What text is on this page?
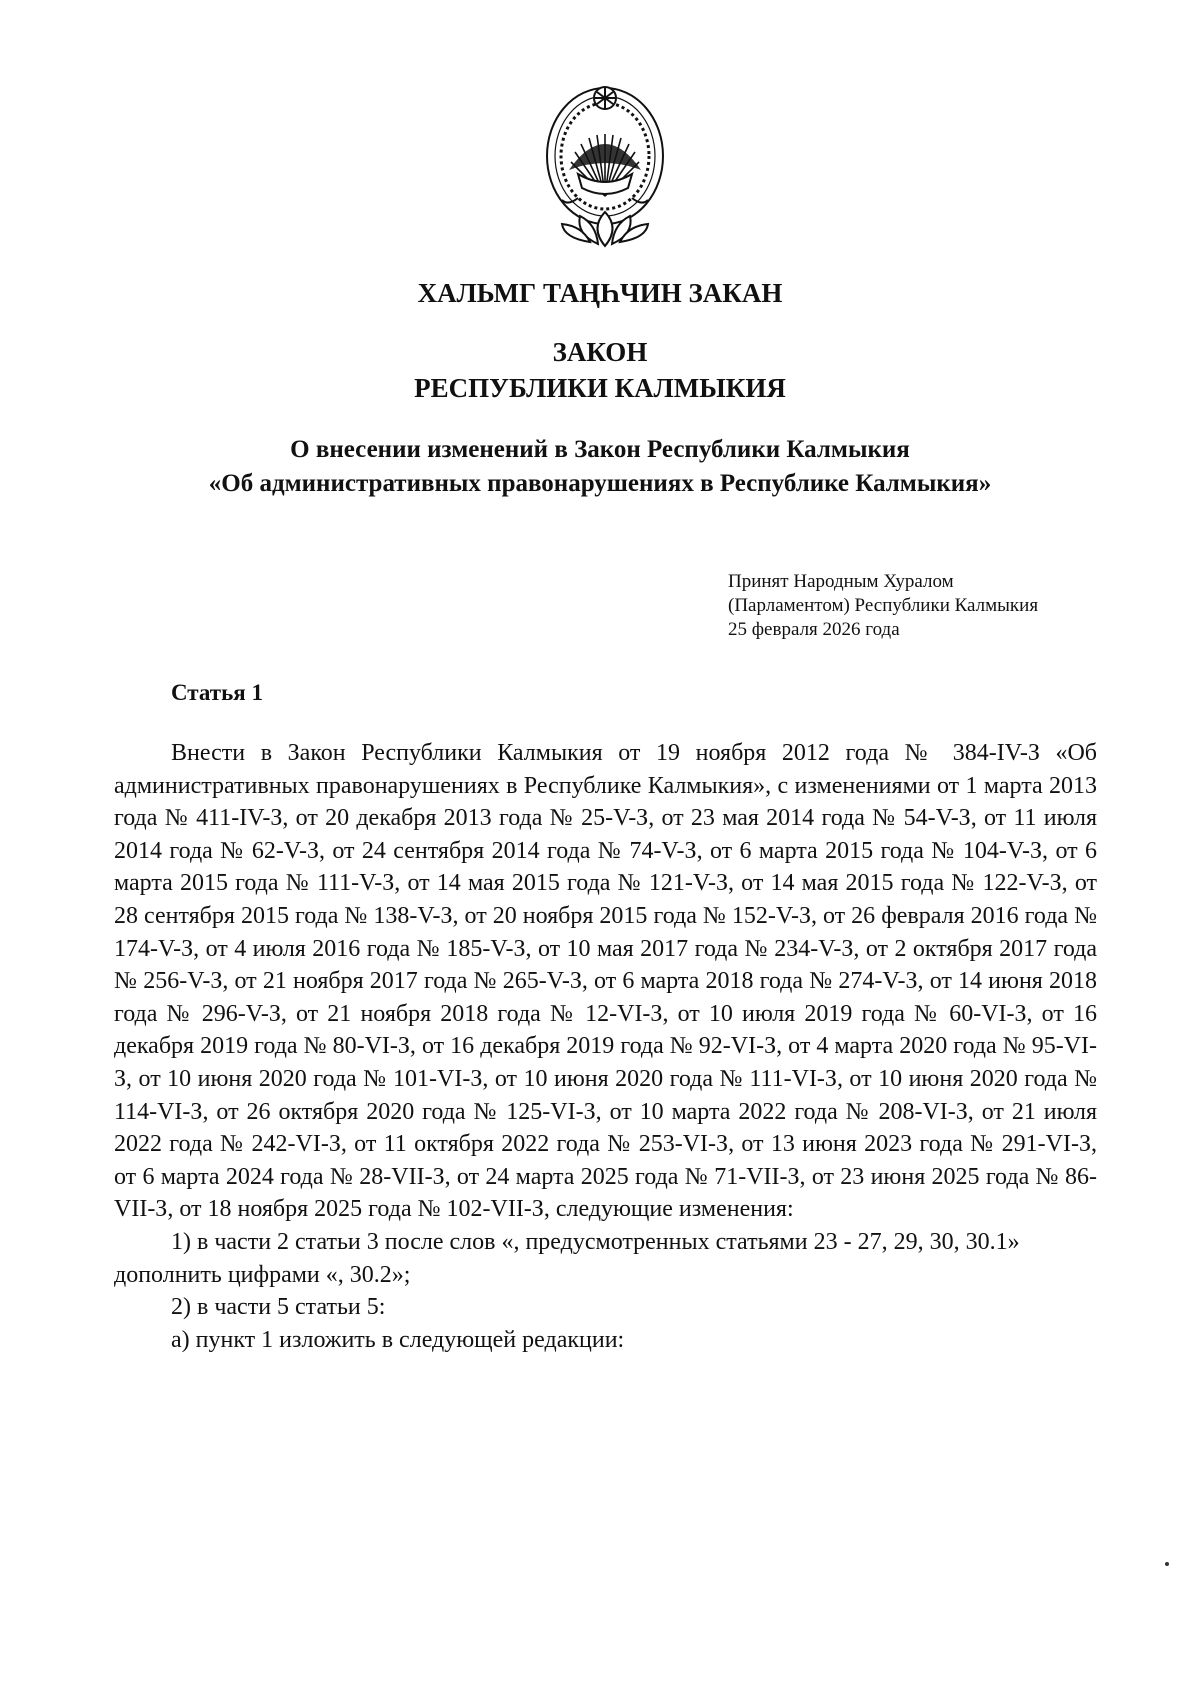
ХАЛЬМГ ТАҢҺЧИН ЗАКАН
ЗАКОН
РЕСПУБЛИКИ КАЛМЫКИЯ
О внесении изменений в Закон Республики Калмыкия
«Об административных правонарушениях в Республике Калмыкия»
Принят Народным Хуралом
(Парламентом) Республики Калмыкия
25 февраля 2026 года
Статья 1

Внести в Закон Республики Калмыкия от 19 ноября 2012 года № 384-IV-З «Об административных правонарушениях в Республике Калмыкия», с изменениями от 1 марта 2013 года № 411-IV-З, от 20 декабря 2013 года № 25-V-З, от 23 мая 2014 года № 54-V-З, от 11 июля 2014 года № 62-V-З, от 24 сентября 2014 года № 74-V-З, от 6 марта 2015 года № 104-V-З, от 6 марта 2015 года № 111-V-З, от 14 мая 2015 года № 121-V-З, от 14 мая 2015 года № 122-V-З, от 28 сентября 2015 года № 138-V-З, от 20 ноября 2015 года № 152-V-З, от 26 февраля 2016 года № 174-V-З, от 4 июля 2016 года № 185-V-З, от 10 мая 2017 года № 234-V-З, от 2 октября 2017 года № 256-V-З, от 21 ноября 2017 года № 265-V-З, от 6 марта 2018 года № 274-V-З, от 14 июня 2018 года № 296-V-З, от 21 ноября 2018 года № 12-VI-З, от 10 июля 2019 года № 60-VI-З, от 16 декабря 2019 года № 80-VI-З, от 16 декабря 2019 года № 92-VI-З, от 4 марта 2020 года № 95-VI-З, от 10 июня 2020 года № 101-VI-З, от 10 июня 2020 года № 111-VI-З, от 10 июня 2020 года № 114-VI-З, от 26 октября 2020 года № 125-VI-З, от 10 марта 2022 года № 208-VI-З, от 21 июля 2022 года № 242-VI-З, от 11 октября 2022 года № 253-VI-З, от 13 июня 2023 года № 291-VI-З, от 6 марта 2024 года № 28-VII-З, от 24 марта 2025 года № 71-VII-З, от 23 июня 2025 года № 86-VII-З, от 18 ноября 2025 года № 102-VII-З, следующие изменения:

1) в части 2 статьи 3 после слов «, предусмотренных статьями 23 - 27, 29, 30, 30.1» дополнить цифрами «, 30.2»;

2) в части 5 статьи 5:

а) пункт 1 изложить в следующей редакции:
